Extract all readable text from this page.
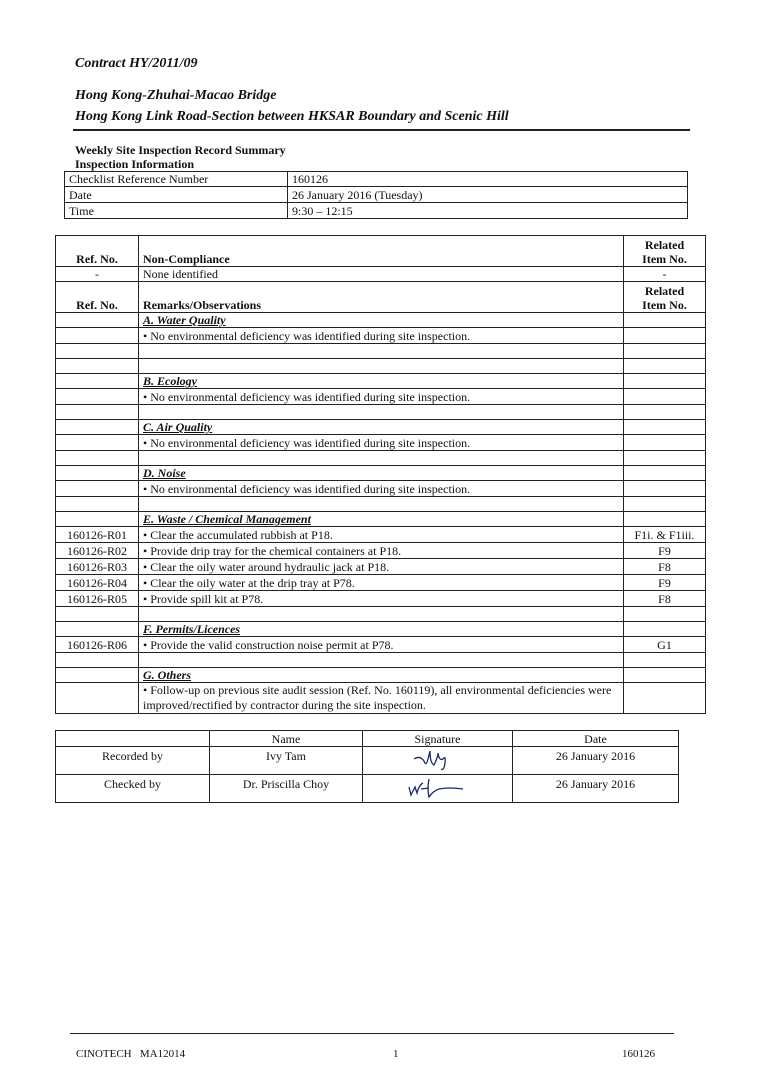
Contract HY/2011/09
Hong Kong-Zhuhai-Macao Bridge
Hong Kong Link Road-Section between HKSAR Boundary and Scenic Hill
Weekly Site Inspection Record Summary
Inspection Information
Checklist Reference Number	160126
Date	26 January 2016 (Tuesday)
Time	9:30 – 12:15
Ref. No.	Non-Compliance	Related
Item No.
-	None identified	-
Ref. No.	Remarks/Observations	Related
Item No.
	A. Water Quality	
	• No environmental deficiency was identified during site inspection.	

	B. Ecology	
	• No environmental deficiency was identified during site inspection.	

	C. Air Quality	
	• No environmental deficiency was identified during site inspection.	

	D. Noise	
	• No environmental deficiency was identified during site inspection.	

	E. Waste / Chemical Management	
160126-R01	• Clear the accumulated rubbish at P18.	F1i. & F1iii.
160126-R02	• Provide drip tray for the chemical containers at P18.	F9
160126-R03	• Clear the oily water around hydraulic jack at P18.	F8
160126-R04	• Clear the oily water at the drip tray at P78.	F9
160126-R05	• Provide spill kit at P78.	F8

	F. Permits/Licences	
160126-R06	• Provide the valid construction noise permit at P78.	G1

	G. Others	
	• Follow-up on previous site audit session (Ref. No. 160119), all environmental deficiencies were improved/rectified by contractor during the site inspection.	
	Name	Signature	Date
Recorded by	Ivy Tam		26 January 2016
Checked by	Dr. Priscilla Choy		26 January 2016
CINOTECH   MA12014	1	160126
